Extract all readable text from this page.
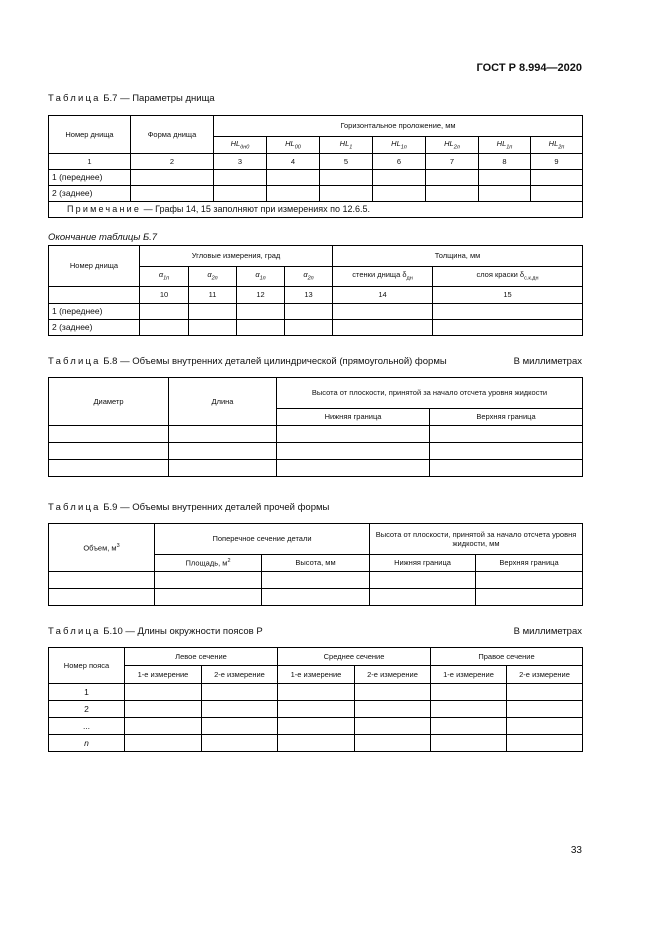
ГОСТ Р 8.994—2020
Таблица Б.7 — Параметры днища
Номер днища	Форма днища	Горизонтальное проложение, мм						
		$HL_{дн0}$	$HL_{00}$	$HL_1$	$HL_{1п}$	$HL_{2л}$	$HL_{1п}$	$HL_{2п}$
1	2	3	4	5	6	7	8	9
1 (переднее)								
2 (заднее)								
Примечание — Графы 14, 15 заполняют при измерениях по 12.6.5.								
Окончание таблицы Б.7
Номер днища	Угловые измерения, град				Толщина, мм	
	$\alpha_{1п}$	$\alpha_{2п}$	$\alpha_{1п}$	$\alpha_{2п}$	стенки днища $\delta_{дн}$	слоя краски $\delta_{с.к.дн}$
	10	11	12	13	14	15
1 (переднее)						
2 (заднее)						
Таблица Б.8 — Объемы внутренних деталей цилиндрической (прямоугольной) формы	В миллиметрах
Диаметр	Длина	Высота от плоскости, принятой за начало отсчета уровня жидкости	
		Нижняя граница	Верхняя граница

Таблица Б.9 — Объемы внутренних деталей прочей формы
Объем, $м^3$	Поперечное сечение детали		Высота от плоскости, принятой за начало отсчета уровня жидкости, мм	
	Площадь, $м^2$	Высота, мм	Нижняя граница	Верхняя граница

Таблица Б.10 — Длины окружности поясов Р	В миллиметрах
Номер пояса	Левое сечение		Среднее сечение		Правое сечение	
	1-е измерение	2-е измерение	1-е измерение	2-е измерение	1-е измерение	2-е измерение
1						
2						
...						
n						
33
